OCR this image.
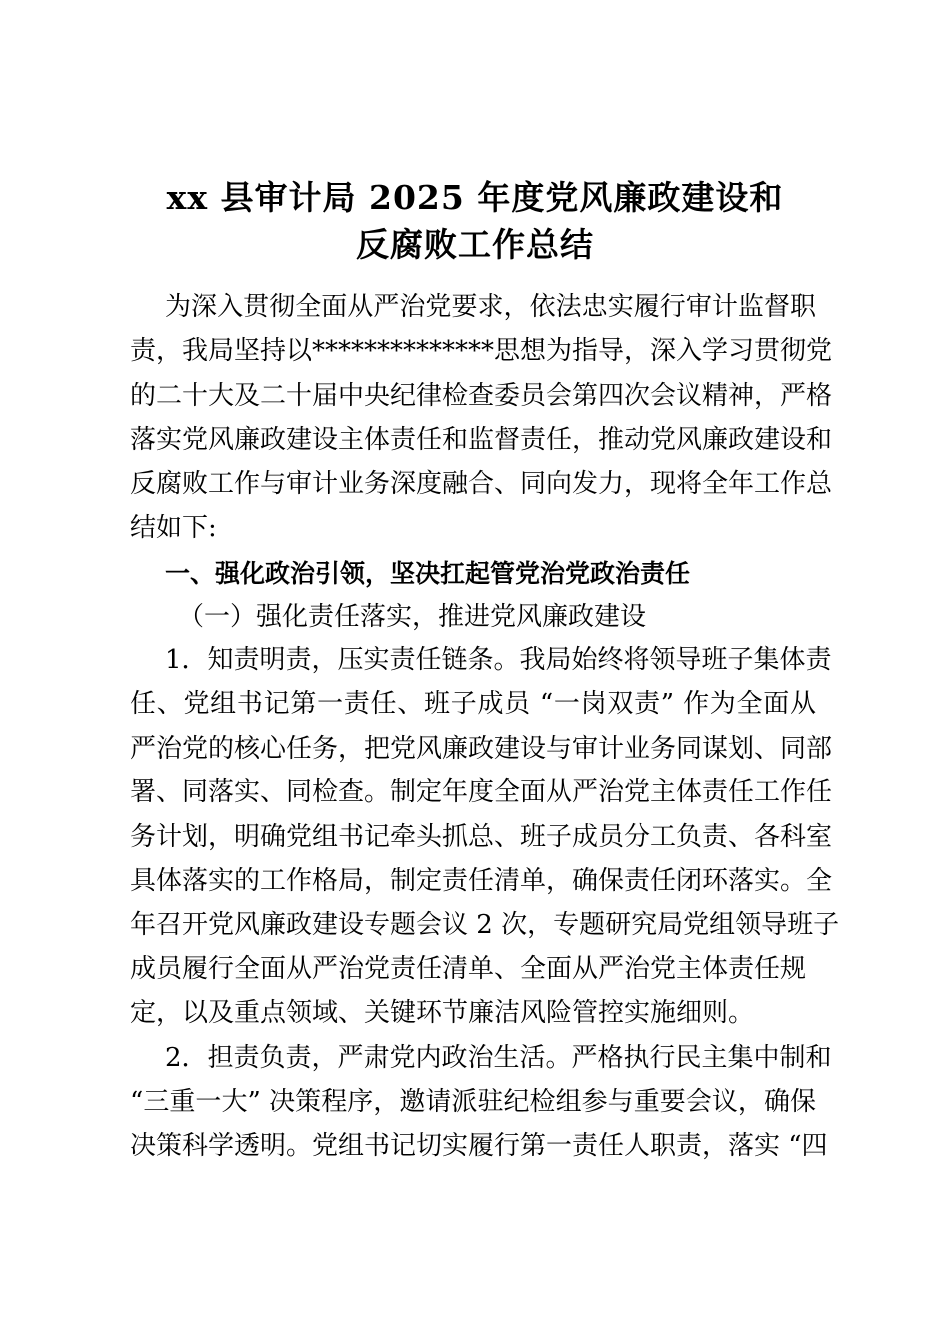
xx 县审计局 2025 年度党风廉政建设和
反腐败工作总结
为深入贯彻全面从严治党要求，依法忠实履行审计监督职
责，我局坚持以**************思想为指导，深入学习贯彻党
的二十大及二十届中央纪律检查委员会第四次会议精神，严格
落实党风廉政建设主体责任和监督责任，推动党风廉政建设和
反腐败工作与审计业务深度融合、同向发力，现将全年工作总
结如下:
一、强化政治引领，坚决扛起管党治党政治责任
（一）强化责任落实，推进党风廉政建设
1．知责明责，压实责任链条。我局始终将领导班子集体责
任、党组书记第一责任、班子成员 “一岗双责” 作为全面从
严治党的核心任务，把党风廉政建设与审计业务同谋划、同部
署、同落实、同检查。制定年度全面从严治党主体责任工作任
务计划，明确党组书记牵头抓总、班子成员分工负责、各科室
具体落实的工作格局，制定责任清单，确保责任闭环落实。全
年召开党风廉政建设专题会议 2 次，专题研究局党组领导班子
成员履行全面从严治党责任清单、全面从严治党主体责任规
定，以及重点领域、关键环节廉洁风险管控实施细则。
2．担责负责，严肃党内政治生活。严格执行民主集中制和
“三重一大” 决策程序，邀请派驻纪检组参与重要会议，确保
决策科学透明。党组书记切实履行第一责任人职责，落实 “四
